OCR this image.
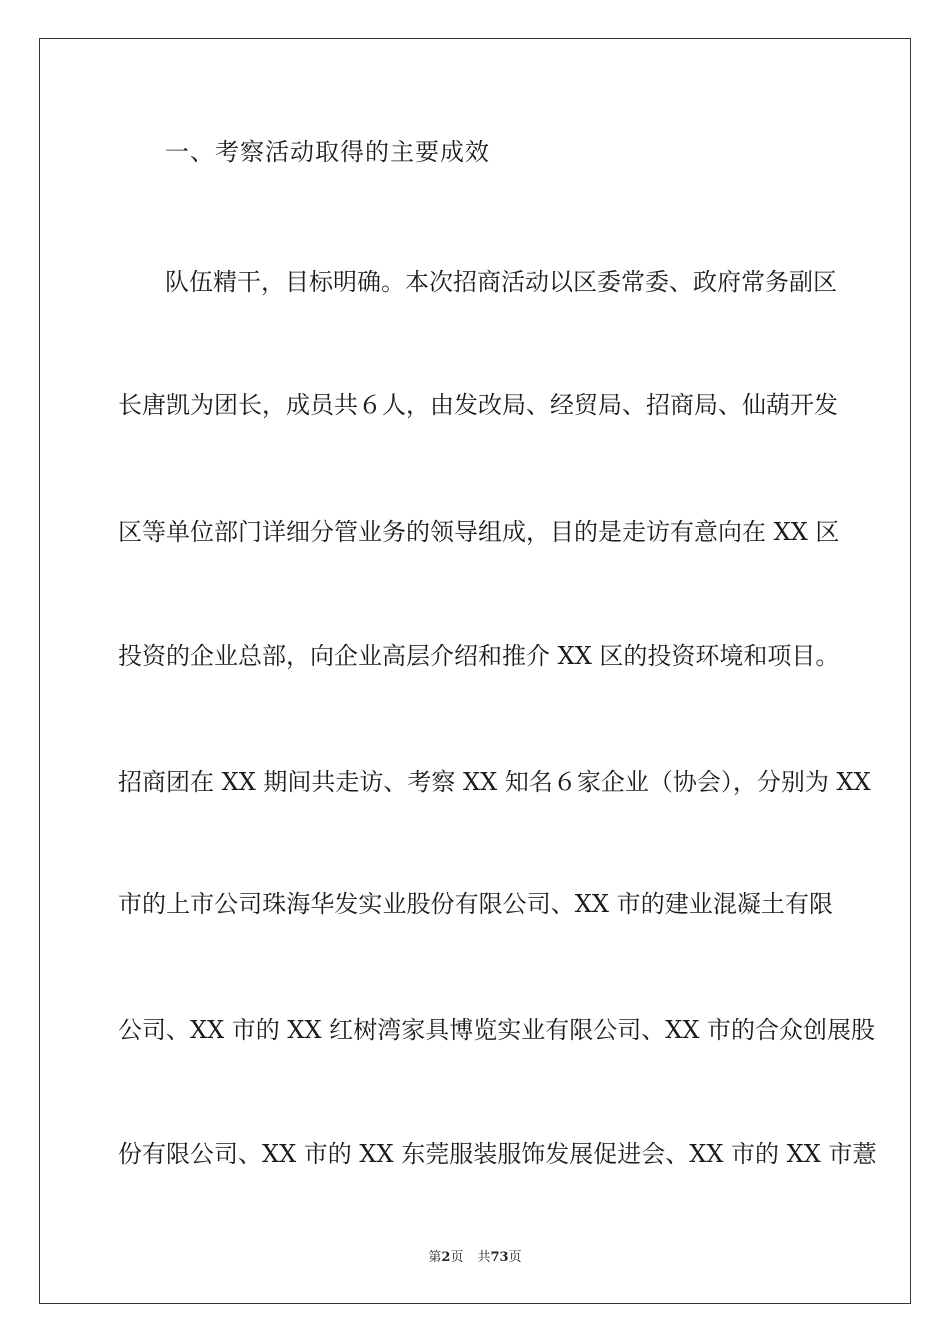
一、考察活动取得的主要成效
队伍精干，目标明确。本次招商活动以区委常委、政府常务副区
长唐凯为团长，成员共６人，由发改局、经贸局、招商局、仙葫开发
区等单位部门详细分管业务的领导组成，目的是走访有意向在 XX 区
投资的企业总部，向企业高层介绍和推介 XX 区的投资环境和项目。
招商团在 XX 期间共走访、考察 XX 知名６家企业（协会），分别为 XX
市的上市公司珠海华发实业股份有限公司、XX 市的建业混凝土有限
公司、XX 市的 XX 红树湾家具博览实业有限公司、XX 市的合众创展股
份有限公司、XX 市的 XX 东莞服装服饰发展促进会、XX 市的 XX 市薏
第2页 共73页
